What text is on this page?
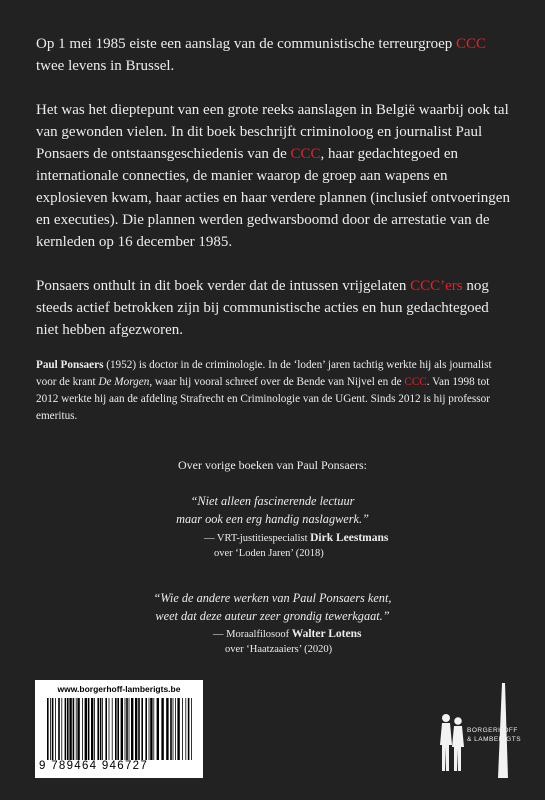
Op 1 mei 1985 eiste een aanslag van de communistische terreurgroep CCC twee levens in Brussel.

Het was het dieptepunt van een grote reeks aanslagen in België waarbij ook tal van gewonden vielen. In dit boek beschrijft criminoloog en journalist Paul Ponsaers de ontstaansgeschiedenis van de CCC, haar gedachtegoed en internationale connecties, de manier waarop de groep aan wapens en explosieven kwam, haar acties en haar verdere plannen (inclusief ontvoeringen en executies). Die plannen werden gedwarsboomd door de arrestatie van de kernleden op 16 december 1985.

Ponsaers onthult in dit boek verder dat de intussen vrijgelaten CCC’ers nog steeds actief betrokken zijn bij communistische acties en hun gedachtegoed niet hebben afgezworen.

Paul Ponsaers (1952) is doctor in de criminologie. In de ‘loden’ jaren tachtig werkte hij als journalist voor de krant De Morgen, waar hij vooral schreef over de Bende van Nijvel en de CCC. Van 1998 tot 2012 werkte hij aan de afdeling Strafrecht en Criminologie van de UGent. Sinds 2012 is hij professor emeritus.

Over vorige boeken van Paul Ponsaers:

“Niet alleen fascinerende lectuur
maar ook een erg handig naslagwerk.”

— VRT-justitiespecialist Dirk Leestmans
over ‘Loden Jaren’ (2018)

“Wie de andere werken van Paul Ponsaers kent,
weet dat deze auteur zeer grondig tewerkgaat.”

— Moraalfilosoof Walter Lotens
over ‘Haatzaaiers’ (2020)

www.borgerhoff-lamberigts.be
9 789464 946727
BORGERHOFF
& LAMBERIGTS
